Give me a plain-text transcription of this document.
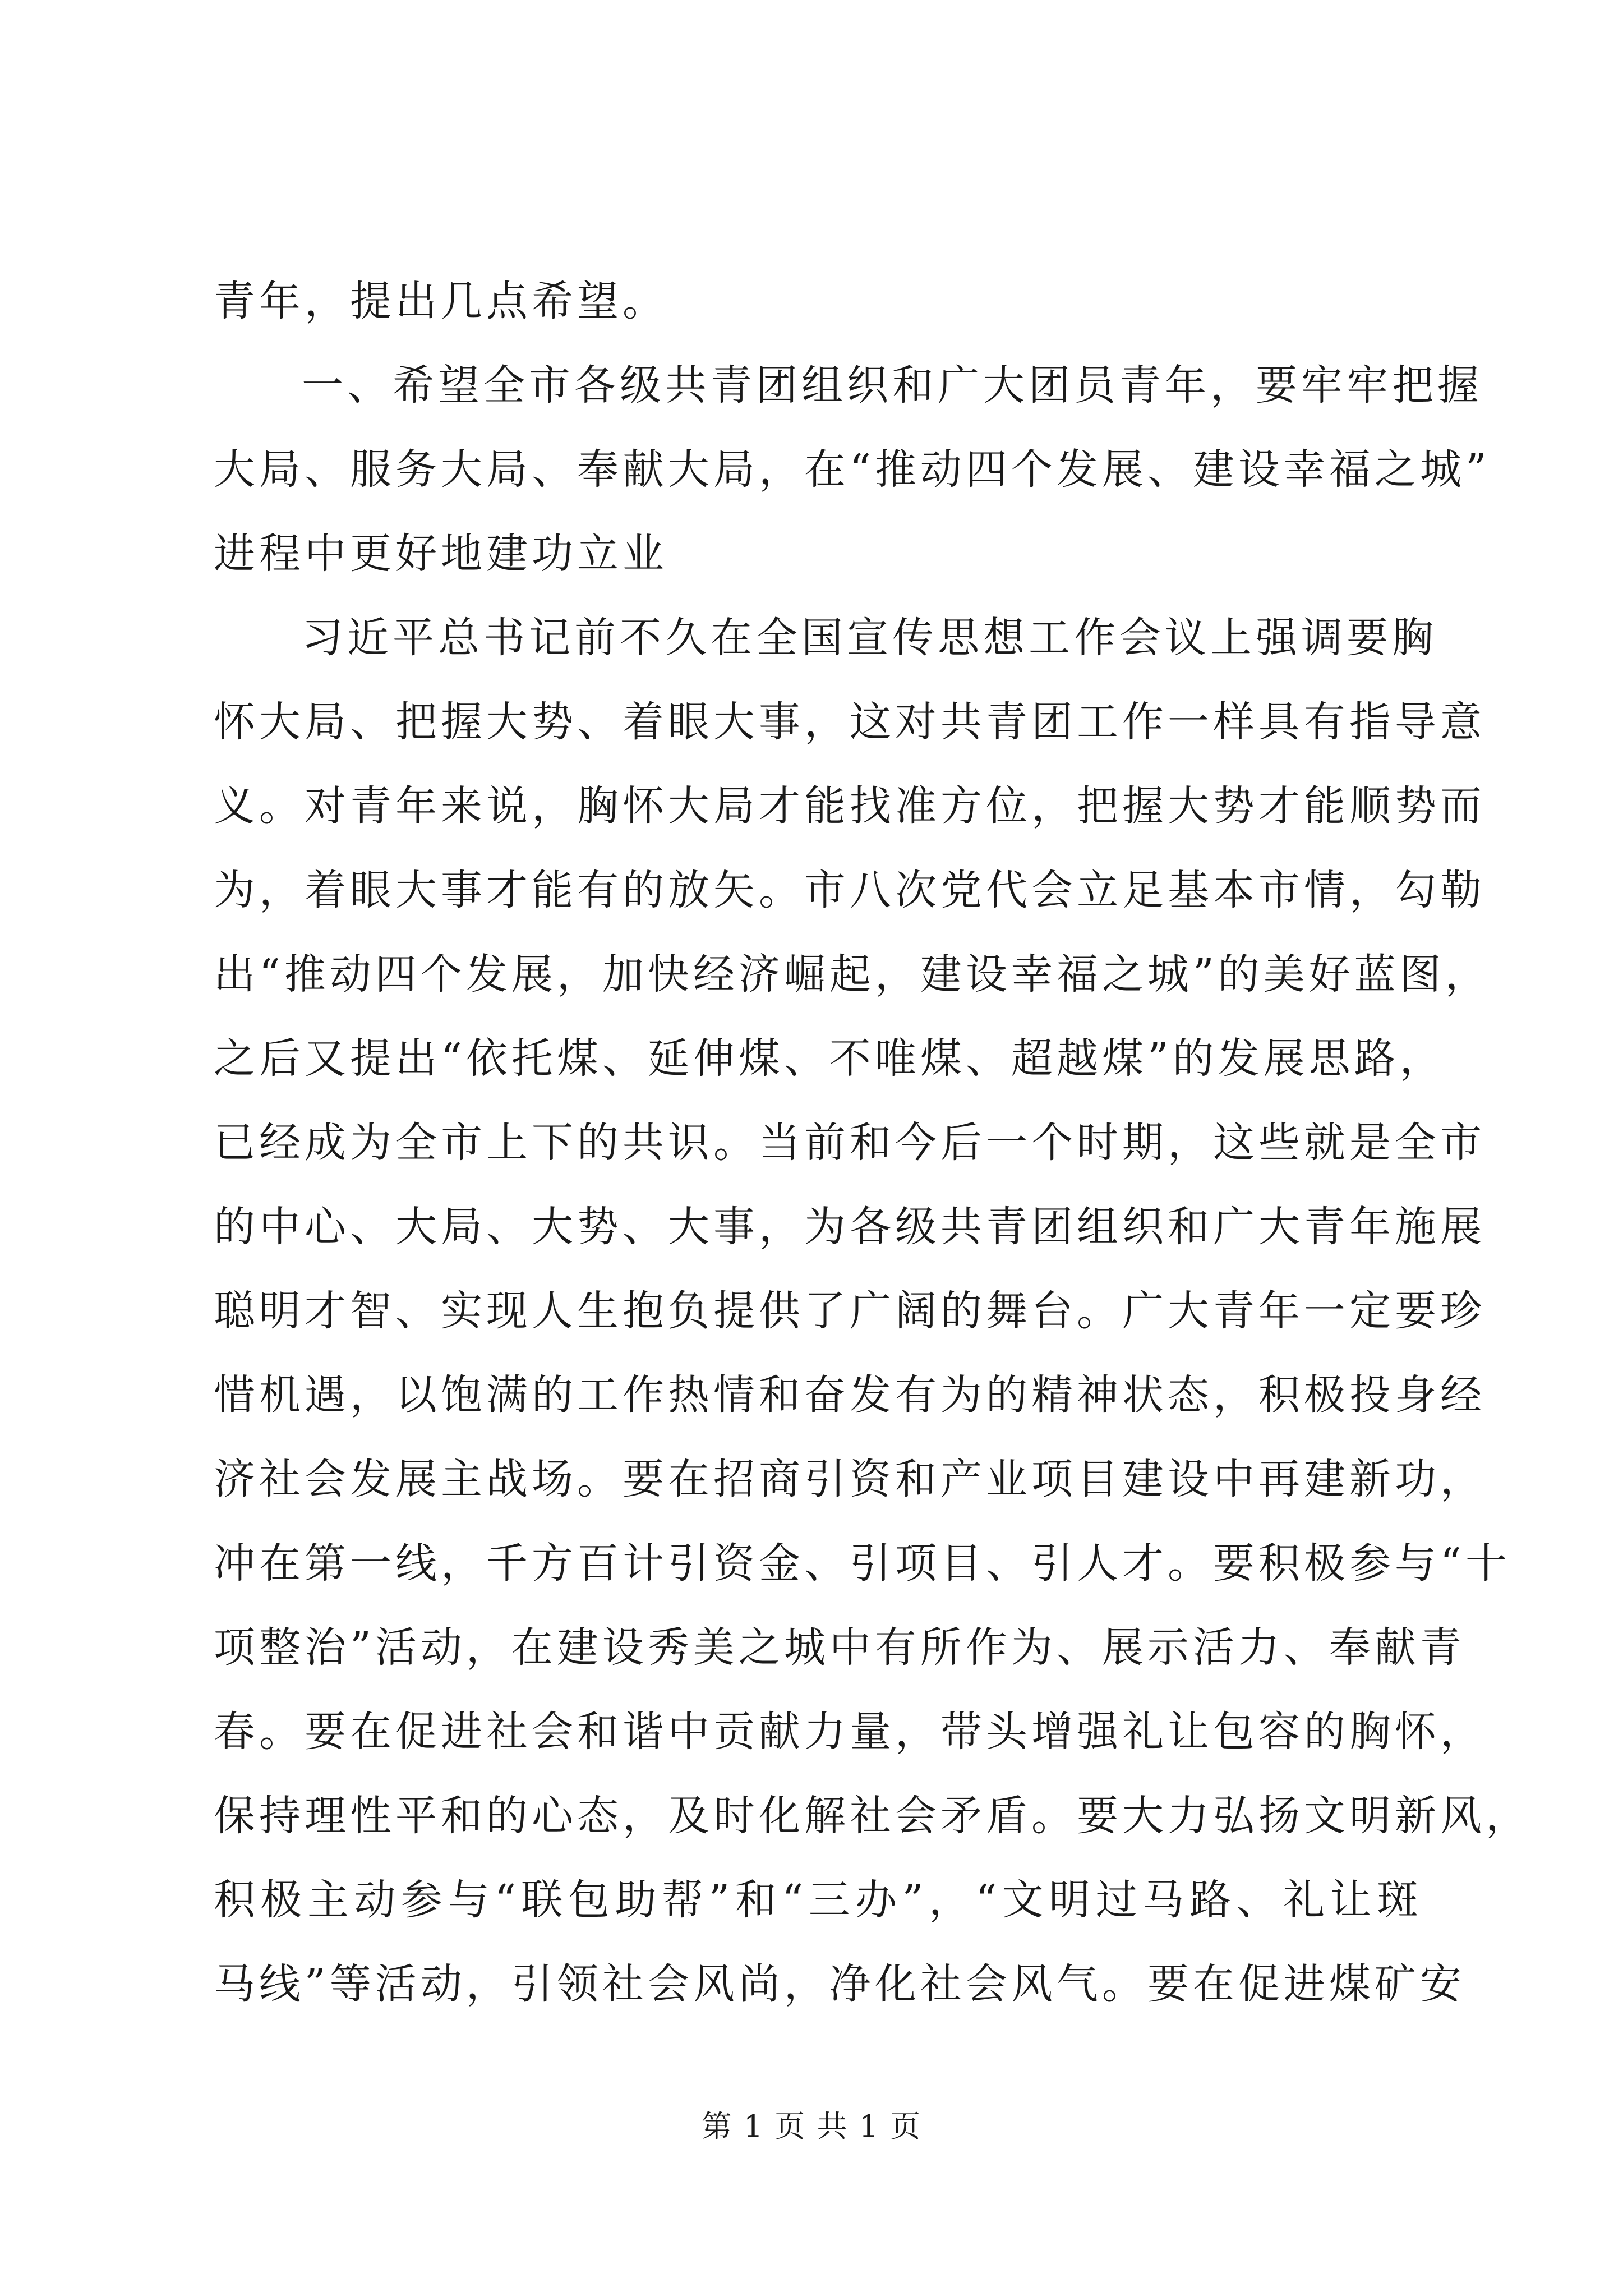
青年，提出几点希望。
一、希望全市各级共青团组织和广大团员青年，要牢牢把握
大局、服务大局、奉献大局，在“推动四个发展、建设幸福之城”
进程中更好地建功立业
习近平总书记前不久在全国宣传思想工作会议上强调要胸
怀大局、把握大势、着眼大事，这对共青团工作一样具有指导意
义。对青年来说，胸怀大局才能找准方位，把握大势才能顺势而
为，着眼大事才能有的放矢。市八次党代会立足基本市情，勾勒
出“推动四个发展，加快经济崛起，建设幸福之城”的美好蓝图，
之后又提出“依托煤、延伸煤、不唯煤、超越煤”的发展思路，
已经成为全市上下的共识。当前和今后一个时期，这些就是全市
的中心、大局、大势、大事，为各级共青团组织和广大青年施展
聪明才智、实现人生抱负提供了广阔的舞台。广大青年一定要珍
惜机遇，以饱满的工作热情和奋发有为的精神状态，积极投身经
济社会发展主战场。要在招商引资和产业项目建设中再建新功，
冲在第一线，千方百计引资金、引项目、引人才。要积极参与“十
项整治”活动，在建设秀美之城中有所作为、展示活力、奉献青
春。要在促进社会和谐中贡献力量，带头增强礼让包容的胸怀，
保持理性平和的心态，及时化解社会矛盾。要大力弘扬文明新风，
积极主动参与“联包助帮”和“三办”，“文明过马路、礼让斑
马线”等活动，引领社会风尚，净化社会风气。要在促进煤矿安
第 1 页 共 1 页
